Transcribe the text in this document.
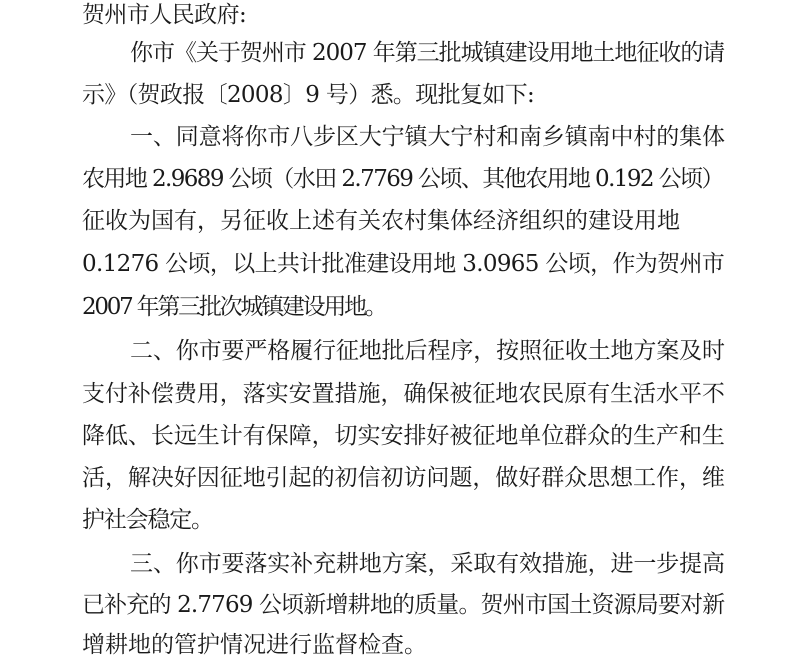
贺州市人民政府:
你市《关于贺州市 2007 年第三批城镇建设用地土地征收的请
示》（贺政报〔2008〕9 号）悉。现批复如下:
一、同意将你市八步区大宁镇大宁村和南乡镇南中村的集体
农用地 2.9689 公顷（水田 2.7769 公顷、其他农用地 0.192 公顷）
征收为国有，另征收上述有关农村集体经济组织的建设用地
0.1276 公顷，以上共计批准建设用地 3.0965 公顷，作为贺州市
2007 年第三批次城镇建设用地。
二、你市要严格履行征地批后程序，按照征收土地方案及时
支付补偿费用，落实安置措施，确保被征地农民原有生活水平不
降低、长远生计有保障，切实安排好被征地单位群众的生产和生
活，解决好因征地引起的初信初访问题，做好群众思想工作，维
护社会稳定。
三、你市要落实补充耕地方案，采取有效措施，进一步提高
已补充的 2.7769 公顷新增耕地的质量。贺州市国土资源局要对新
增耕地的管护情况进行监督检查。
